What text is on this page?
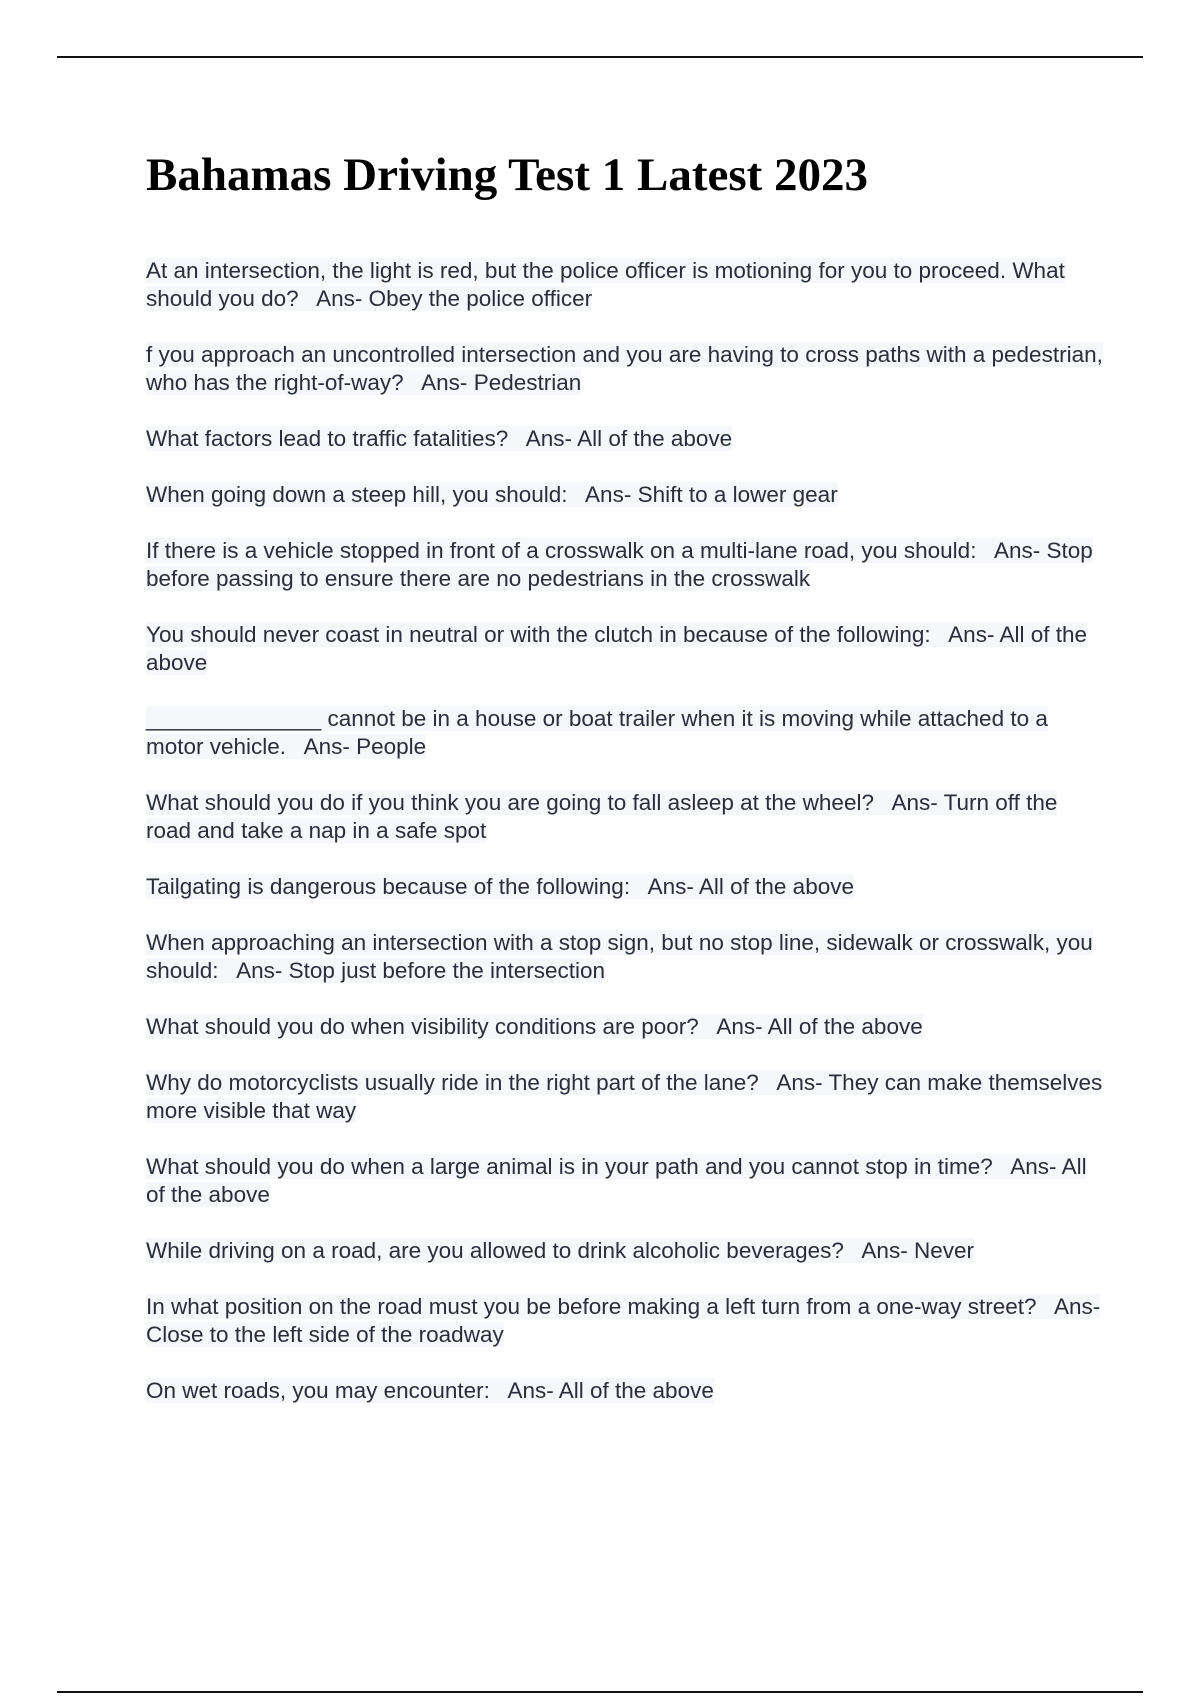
Bahamas Driving Test 1 Latest 2023

At an intersection, the light is red, but the police officer is motioning for you to proceed. What should you do? Ans- Obey the police officer

f you approach an uncontrolled intersection and you are having to cross paths with a pedestrian, who has the right-of-way? Ans- Pedestrian

What factors lead to traffic fatalities? Ans- All of the above

When going down a steep hill, you should: Ans- Shift to a lower gear

If there is a vehicle stopped in front of a crosswalk on a multi-lane road, you should: Ans- Stop before passing to ensure there are no pedestrians in the crosswalk

You should never coast in neutral or with the clutch in because of the following: Ans- All of the above

______________ cannot be in a house or boat trailer when it is moving while attached to a motor vehicle. Ans- People

What should you do if you think you are going to fall asleep at the wheel? Ans- Turn off the road and take a nap in a safe spot

Tailgating is dangerous because of the following: Ans- All of the above

When approaching an intersection with a stop sign, but no stop line, sidewalk or crosswalk, you should: Ans- Stop just before the intersection

What should you do when visibility conditions are poor? Ans- All of the above

Why do motorcyclists usually ride in the right part of the lane? Ans- They can make themselves more visible that way

What should you do when a large animal is in your path and you cannot stop in time? Ans- All of the above

While driving on a road, are you allowed to drink alcoholic beverages? Ans- Never

In what position on the road must you be before making a left turn from a one-way street? Ans- Close to the left side of the roadway

On wet roads, you may encounter: Ans- All of the above
